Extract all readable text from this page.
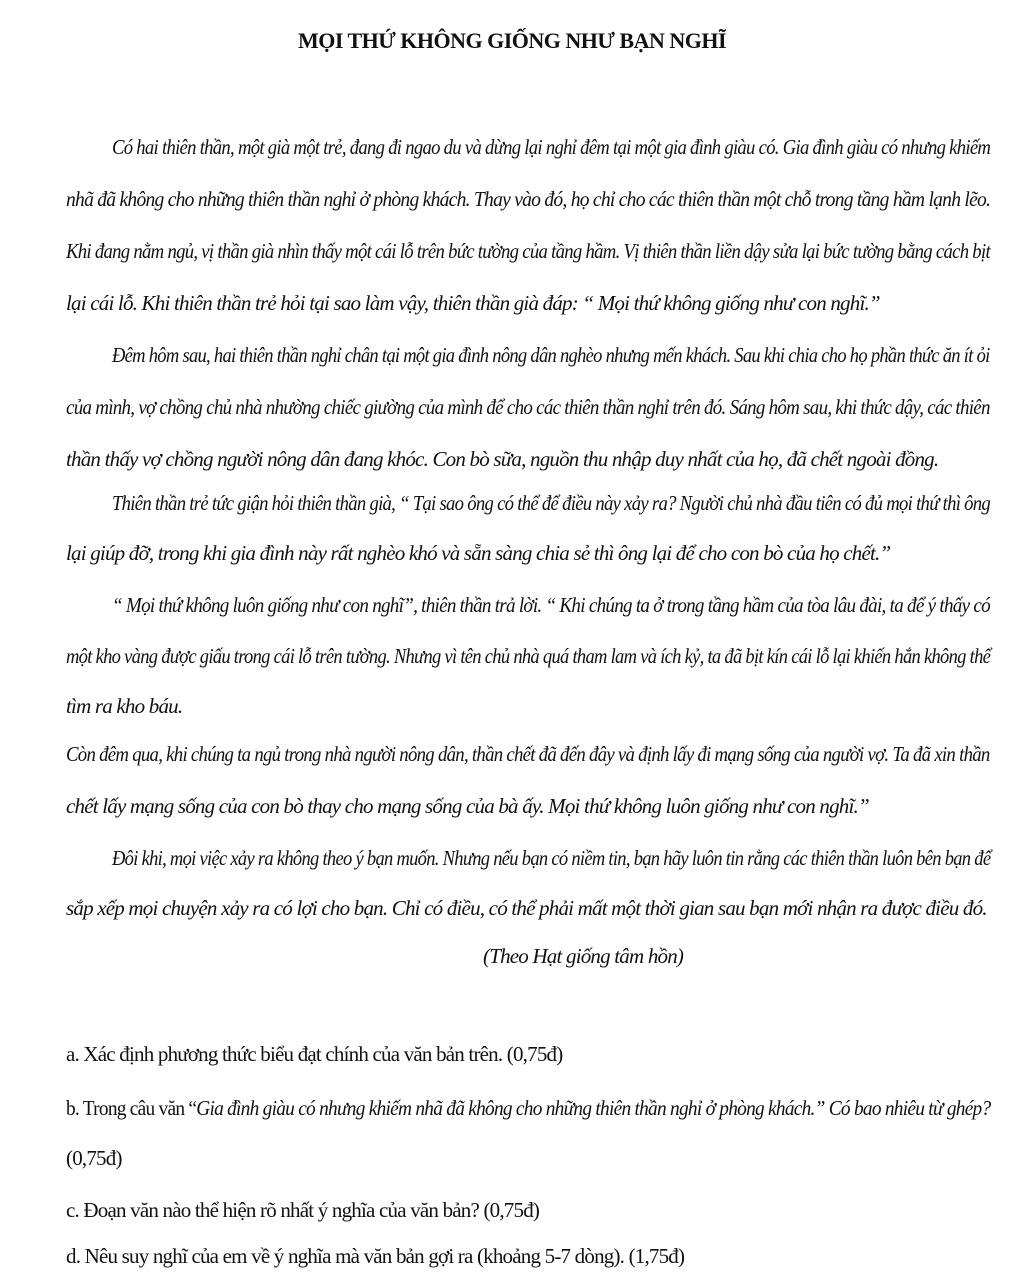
MỌI THỨ KHÔNG GIỐNG NHƯ BẠN NGHĨ
Có hai thiên thần, một già một trẻ, đang đi ngao du và dừng lại nghỉ đêm tại một gia đình giàu có. Gia đình giàu có nhưng khiếm
nhã đã không cho những thiên thần nghỉ ở phòng khách. Thay vào đó, họ chỉ cho các thiên thần một chỗ trong tầng hầm lạnh lẽo.
Khi đang nằm ngủ, vị thần già nhìn thấy một cái lỗ trên bức tường của tầng hầm. Vị thiên thần liền dậy sửa lại bức tường bằng cách bịt
lại cái lỗ. Khi thiên thần trẻ hỏi tại sao làm vậy, thiên thần già đáp: “ Mọi thứ không giống như con nghĩ.”
Đêm hôm sau, hai thiên thần nghỉ chân tại một gia đình nông dân nghèo nhưng mến khách. Sau khi chia cho họ phần thức ăn ít ỏi
của mình, vợ chồng chủ nhà nhường chiếc giường của mình để cho các thiên thần nghỉ trên đó. Sáng hôm sau, khi thức dậy, các thiên
thần thấy vợ chồng người nông dân đang khóc. Con bò sữa, nguồn thu nhập duy nhất của họ, đã chết ngoài đồng.
Thiên thần trẻ tức giận hỏi thiên thần già, “ Tại sao ông có thể để điều này xảy ra? Người chủ nhà đầu tiên có đủ mọi thứ thì ông
lại giúp đỡ, trong khi gia đình này rất nghèo khó và sẵn sàng chia sẻ thì ông lại để cho con bò của họ chết.”
“ Mọi thứ không luôn giống như con nghĩ”, thiên thần trả lời. “ Khi chúng ta ở trong tầng hầm của tòa lâu đài, ta để ý thấy có
một kho vàng được giấu trong cái lỗ trên tường. Nhưng vì tên chủ nhà quá tham lam và ích kỷ, ta đã bịt kín cái lỗ lại khiến hắn không thể
tìm ra kho báu.
Còn đêm qua, khi chúng ta ngủ trong nhà người nông dân, thần chết đã đến đây và định lấy đi mạng sống của người vợ. Ta đã xin thần
chết lấy mạng sống của con bò thay cho mạng sống của bà ấy. Mọi thứ không luôn giống như con nghĩ.”
Đôi khi, mọi việc xảy ra không theo ý bạn muốn. Nhưng nếu bạn có niềm tin, bạn hãy luôn tin rằng các thiên thần luôn bên bạn để
sắp xếp mọi chuyện xảy ra có lợi cho bạn. Chỉ có điều, có thể phải mất một thời gian sau bạn mới nhận ra được điều đó.
(Theo Hạt giống tâm hồn)
a. Xác định phương thức biểu đạt chính của văn bản trên. (0,75đ)
b. Trong câu văn “Gia đình giàu có nhưng khiếm nhã đã không cho những thiên thần nghỉ ở phòng khách.” Có bao nhiêu từ ghép?
(0,75đ)
c. Đoạn văn nào thể hiện rõ nhất ý nghĩa của văn bản? (0,75đ)
d. Nêu suy nghĩ của em về ý nghĩa mà văn bản gợi ra (khoảng 5-7 dòng). (1,75đ)
